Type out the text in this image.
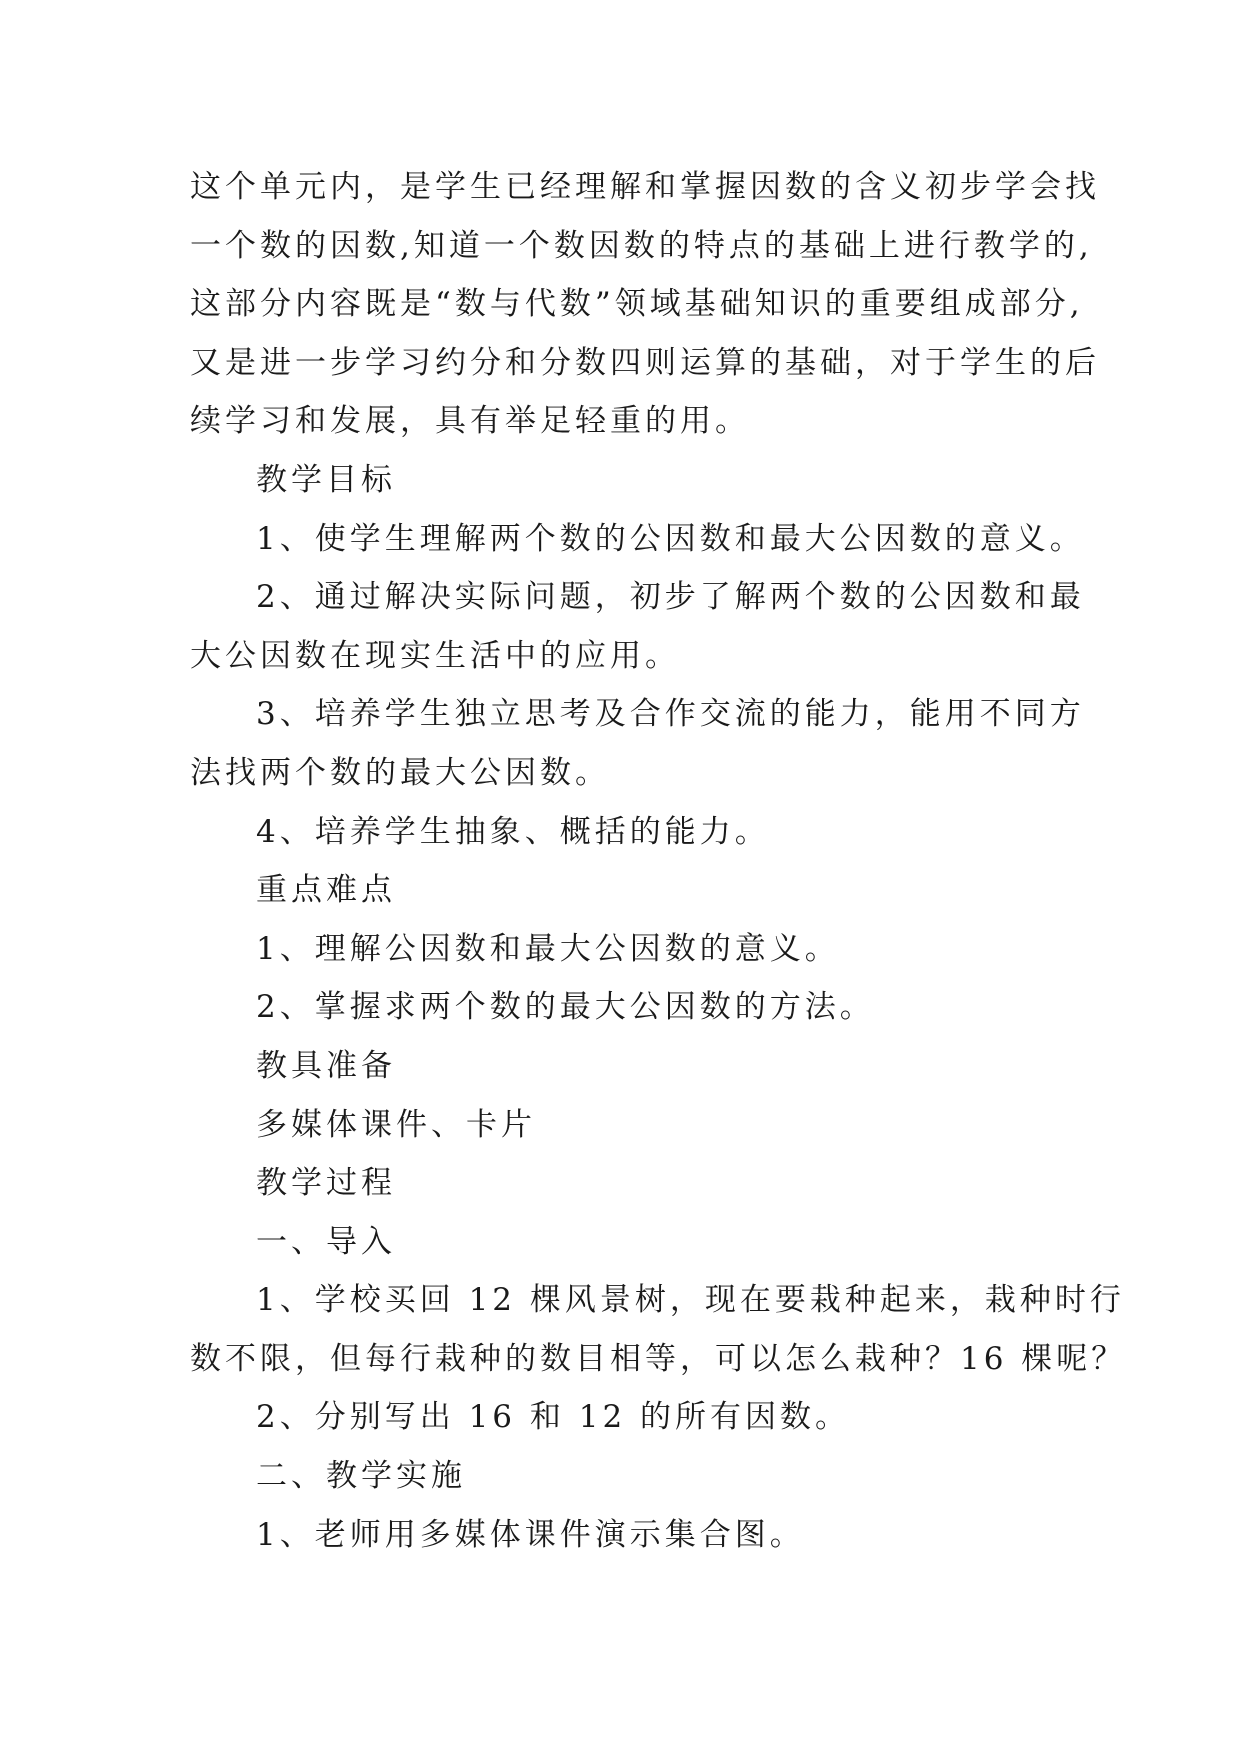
这个单元内，是学生已经理解和掌握因数的含义初步学会找
一个数的因数,知道一个数因数的特点的基础上进行教学的,
这部分内容既是“数与代数”领域基础知识的重要组成部分,
又是进一步学习约分和分数四则运算的基础，对于学生的后
续学习和发展，具有举足轻重的用。
教学目标
1、使学生理解两个数的公因数和最大公因数的意义。
2、通过解决实际问题，初步了解两个数的公因数和最
大公因数在现实生活中的应用。
3、培养学生独立思考及合作交流的能力，能用不同方
法找两个数的最大公因数。
4、培养学生抽象、概括的能力。
重点难点
1、理解公因数和最大公因数的意义。
2、掌握求两个数的最大公因数的方法。
教具准备
多媒体课件、卡片
教学过程
一、导入
1、学校买回 12 棵风景树，现在要栽种起来，栽种时行
数不限，但每行栽种的数目相等，可以怎么栽种？16 棵呢？
2、分别写出 16 和 12 的所有因数。
二、教学实施
1、老师用多媒体课件演示集合图。
